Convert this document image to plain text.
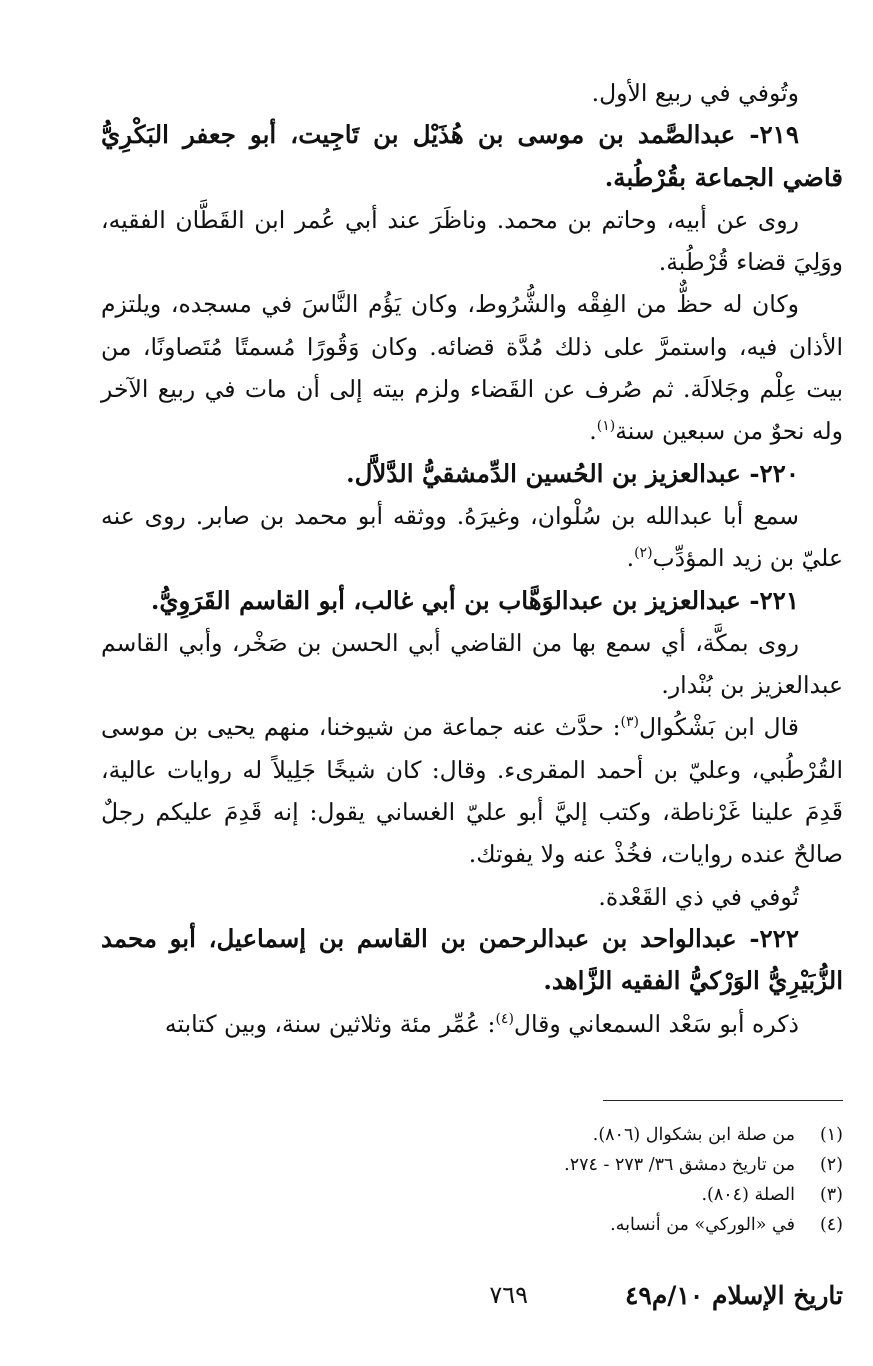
وتُوفي في ربيع الأول.

٢١٩- عبدالصَّمد بن موسى بن هُذَيْل بن تَاجِيت، أبو جعفر البَكْرِيُّ قاضي الجماعة بقُرْطُبة.

روى عن أبيه، وحاتم بن محمد. وناظَرَ عند أبي عُمر ابن القَطَّان الفقيه، ووَلِيَ قضاء قُرْطُبة.

وكان له حظٌّ من الفِقْه والشُّرُوط، وكان يَؤُم النَّاسَ في مسجده، ويلتزم الأذان فيه، واستمرَّ على ذلك مُدَّة قضائه. وكان وَقُورًا مُسمتًا مُتَصاونًا، من بيت عِلْم وجَلالَة. ثم صُرف عن القَضاء ولزم بيته إلى أن مات في ربيع الآخر وله نحوٌ من سبعين سنة$^{(١)}$.

٢٢٠- عبدالعزيز بن الحُسين الدِّمشقيُّ الدَّلاَّل.

سمع أبا عبدالله بن سُلْوان، وغيرَهُ. ووثقه أبو محمد بن صابر. روى عنه عليّ بن زيد المؤدِّب$^{(٢)}$.

٢٢١- عبدالعزيز بن عبدالوَهَّاب بن أبي غالب، أبو القاسم القَرَوِيُّ.

روى بمكَّة، أي سمع بها من القاضي أبي الحسن بن صَخْر، وأبي القاسم عبدالعزيز بن بُنْدار.

قال ابن بَشْكُوال$^{(٣)}$: حدَّث عنه جماعة من شيوخنا، منهم يحيى بن موسى القُرْطُبي، وعليّ بن أحمد المقرىء. وقال: كان شيخًا جَلِيلاً له روايات عالية، قَدِمَ علينا غَرْناطة، وكتب إليَّ أبو عليّ الغساني يقول: إنه قَدِمَ عليكم رجلٌ صالحٌ عنده روايات، فخُذْ عنه ولا يفوتك.

تُوفي في ذي القَعْدة.

٢٢٢- عبدالواحد بن عبدالرحمن بن القاسم بن إسماعيل، أبو محمد الزُّبَيْرِيُّ الوَرْكيُّ الفقيه الزَّاهد.

ذكره أبو سَعْد السمعاني وقال$^{(٤)}$: عُمِّر مئة وثلاثين سنة، وبين كتابته

(١)
من صلة ابن بشكوال (٨٠٦).
(٢)
من تاريخ دمشق ٣٦/ ٢٧٣ - ٢٧٤.
(٣)
الصلة (٨٠٤).
(٤)
في «الوركي» من أنسابه.
تاريخ الإسلام ١٠/م٤٩
٧٦٩
